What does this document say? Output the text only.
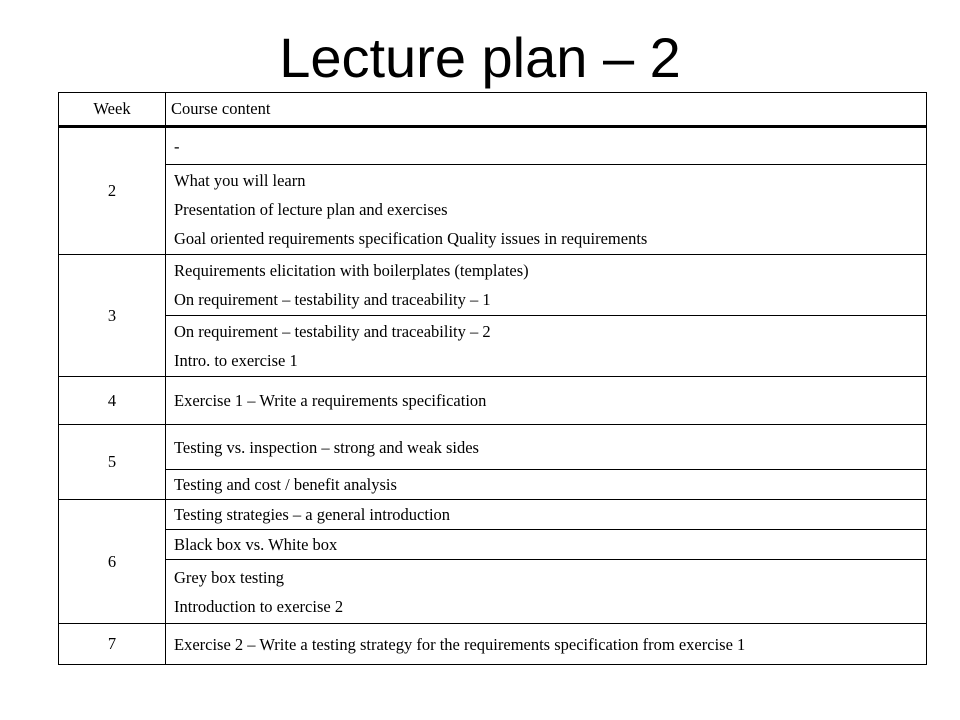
Lecture plan – 2
Week	Course content
2	-

	What you will learn
Presentation of lecture plan and exercises
Goal oriented requirements specification Quality issues in requirements

3	Requirements elicitation with boilerplates (templates)
On requirement – testability and traceability – 1

	On requirement – testability and traceability – 2
Intro. to exercise 1

4	Exercise 1 – Write a requirements specification

5	Testing vs. inspection – strong and weak sides

	Testing and cost / benefit analysis

6	Testing strategies – a general introduction

	Black box vs. White box

	Grey box testing
Introduction to exercise 2

7	Exercise 2 – Write a testing strategy for the requirements specification from exercise 1
